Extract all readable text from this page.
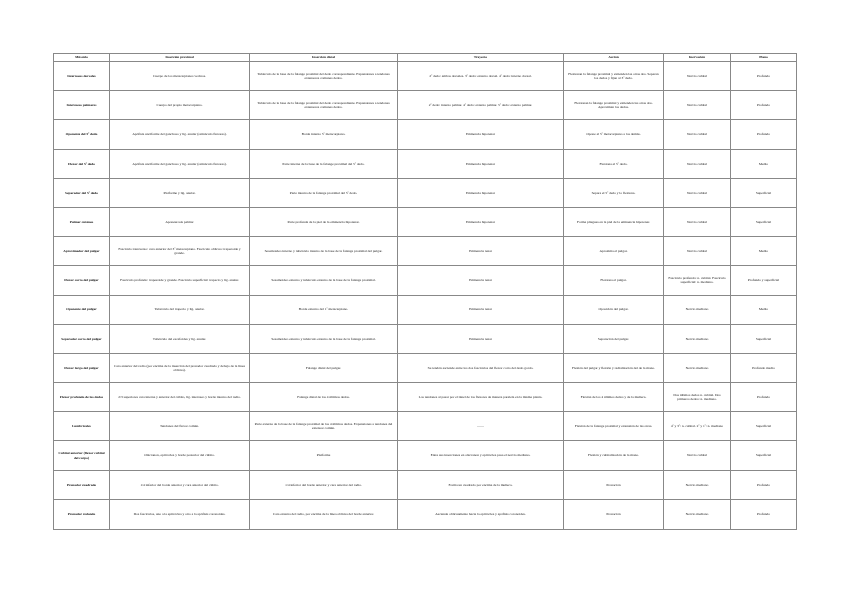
Músculo	Inserción proximal	Inserción distal	Trayecto	Acción	Inervación	Plano
Interóseos dorsales	Cuerpo de los metacarpianos vecinos.	Tubérculo de la base de la falange proximal del dedo correspondiente. Expansiones a tendones extensores comunes dedos.	2º dedo: ambos dorsales. 3º dedo: externo dorsal. 4º dedo: interno dorsal.	Flexionan la falange proximal y extienden las otras dos. Separan los dedos y fijan al 3º dedo.	Nervio cubital	Profundo
Interóseos palmares	Cuerpo del propio metacarpiano.	Tubérculo de la base de la falange proximal del dedo correspondiente. Expansiones a tendones extensores comunes dedos.	2º dedo: interno palmar. 4º dedo: externo palmar. 5º dedo: externo palmar.	Flexionan la falange proximal y extienden las otras dos. Aproximan los dedos.	Nervio cubital	Profundo
Oponente del 5º dedo	Apófisis unciforme del ganchoso y lig. anular (retináculo flexores).	Borde interno 5º metacarpiano.	Eminencia hipotenar	Opone al 5º metacarpiano a los demás.	Nervio cubital	Profundo
Flexor del 5º dedo	Apófisis unciforme del ganchoso y lig. anular (retináculo flexores).	Parte interna de la base de la falange proximal del 5º dedo.	Eminencia hipotenar	Flexiona el 5º dedo.	Nervio cubital	Medio
Separador del 5º dedo	Pisiforme y lig. anular.	Parte interna de la falange proximal del 5º dedo.	Eminencia hipotenar	Separa el 5º dedo y lo flexiona.	Nervio cubital	Superficial
Palmar cutáneo	Aponeurosis palmar	Parte profunda de la piel de la eminencia hipotenar.	Eminencia hipotenar	Forma pliegues en la piel de la eminencia hipotenar.	Nervio cubital	Superficial
Aproximador del pulgar	Fascículo transverso: cara anterior del 3º metacarpiano. Fascículo oblicuo: trapezoide y grande.	Sesamoideo interno y tubérculo interno de la base de la falange proximal del pulgar.	Eminencia tenar	Aproxima el pulgar.	Nervio cubital	Medio
Flexor corto del pulgar	Fascículo profundo: trapezoide y grande. Fascículo superficial: trapecio y lig. anular.	Sesamoideo externo y tubérculo externo de la base de la falange proximal.	Eminencia tenar	Flexiona el pulgar.	Fascículo profundo: n. cubital. Fascículo superficial: n. mediano.	Profundo y superficial
Oponente del pulgar	Tubérculo del trapecio y lig. anular.	Borde externo del 1º metacarpiano.	Eminencia tenar	Oposición del pulgar.	Nervio mediano	Medio
Separador corto del pulgar	Tubérculo del escafoides y lig. anular.	Sesamoideo externo y tubérculo externo de la base de la falange proximal.	Eminencia tenar	Separación del pulgar.	Nervio mediano	Superficial
Flexor largo del pulgar	Cara anterior del radio (por encima de la inserción del pronador cuadrado y debajo de la línea oblicua).	Falange distal del pulgar.	Su tendón asciende entre los dos fascículos del flexor corto del dedo gordo.	Flexión del pulgar y flexión y radialización del de la mano.	Nervio mediano	Profundo medio
Flexor profundo de los dedos	2/3 superiores cara interna y anterior del cúbito, lig. interóseo y borde interno del radio.	Falange distal de los 4 últimos dedos.	Los tendones al pasar por el túnel de los flexores de manera paralela en la misma planta.	Flexión de los 4 últimos dedos y de la muñeca.	Dos últimos dedos n. cubital. Dos primeros dedos: n. mediano.	Profundo
Lumbricales	Tendones del flexor común.	Parte externa de la base de la falange proximal de los 4 últimos dedos. Expansiones a tendones del extensor común.	——	Flexión de la falange proximal y extensión de las otras.	4º y 3º: n. cubital. 2º y 1º: n. mediano	Superficial
Cubital anterior (flexor cubital del carpo)	Olécranon, epitróclea y borde posterior del cúbito.	Pisiforme	Entre sus inserciones en olécranon y epitróclea pasa el nervio mediano.	Flexión y cubitalización de la mano.	Nervio cubital	Superficial
Pronador cuadrado	1/4 inferior del borde anterior y cara anterior del cúbito.	1/4 inferior del borde anterior y cara anterior del radio.	Forma un cuadrado por encima de la muñeca.	Pronación	Nervio mediano	Profundo
Pronador redondo	Dos fascículos, uno a la epitróclea y otro a la apófisis coronoides.	Cara externa del radio, por encima de la línea oblicua del borde anterior.	Asciende oblicuamente hacia la epitróclea y apófisis coronoides.	Pronación	Nervio mediano	Profundo
